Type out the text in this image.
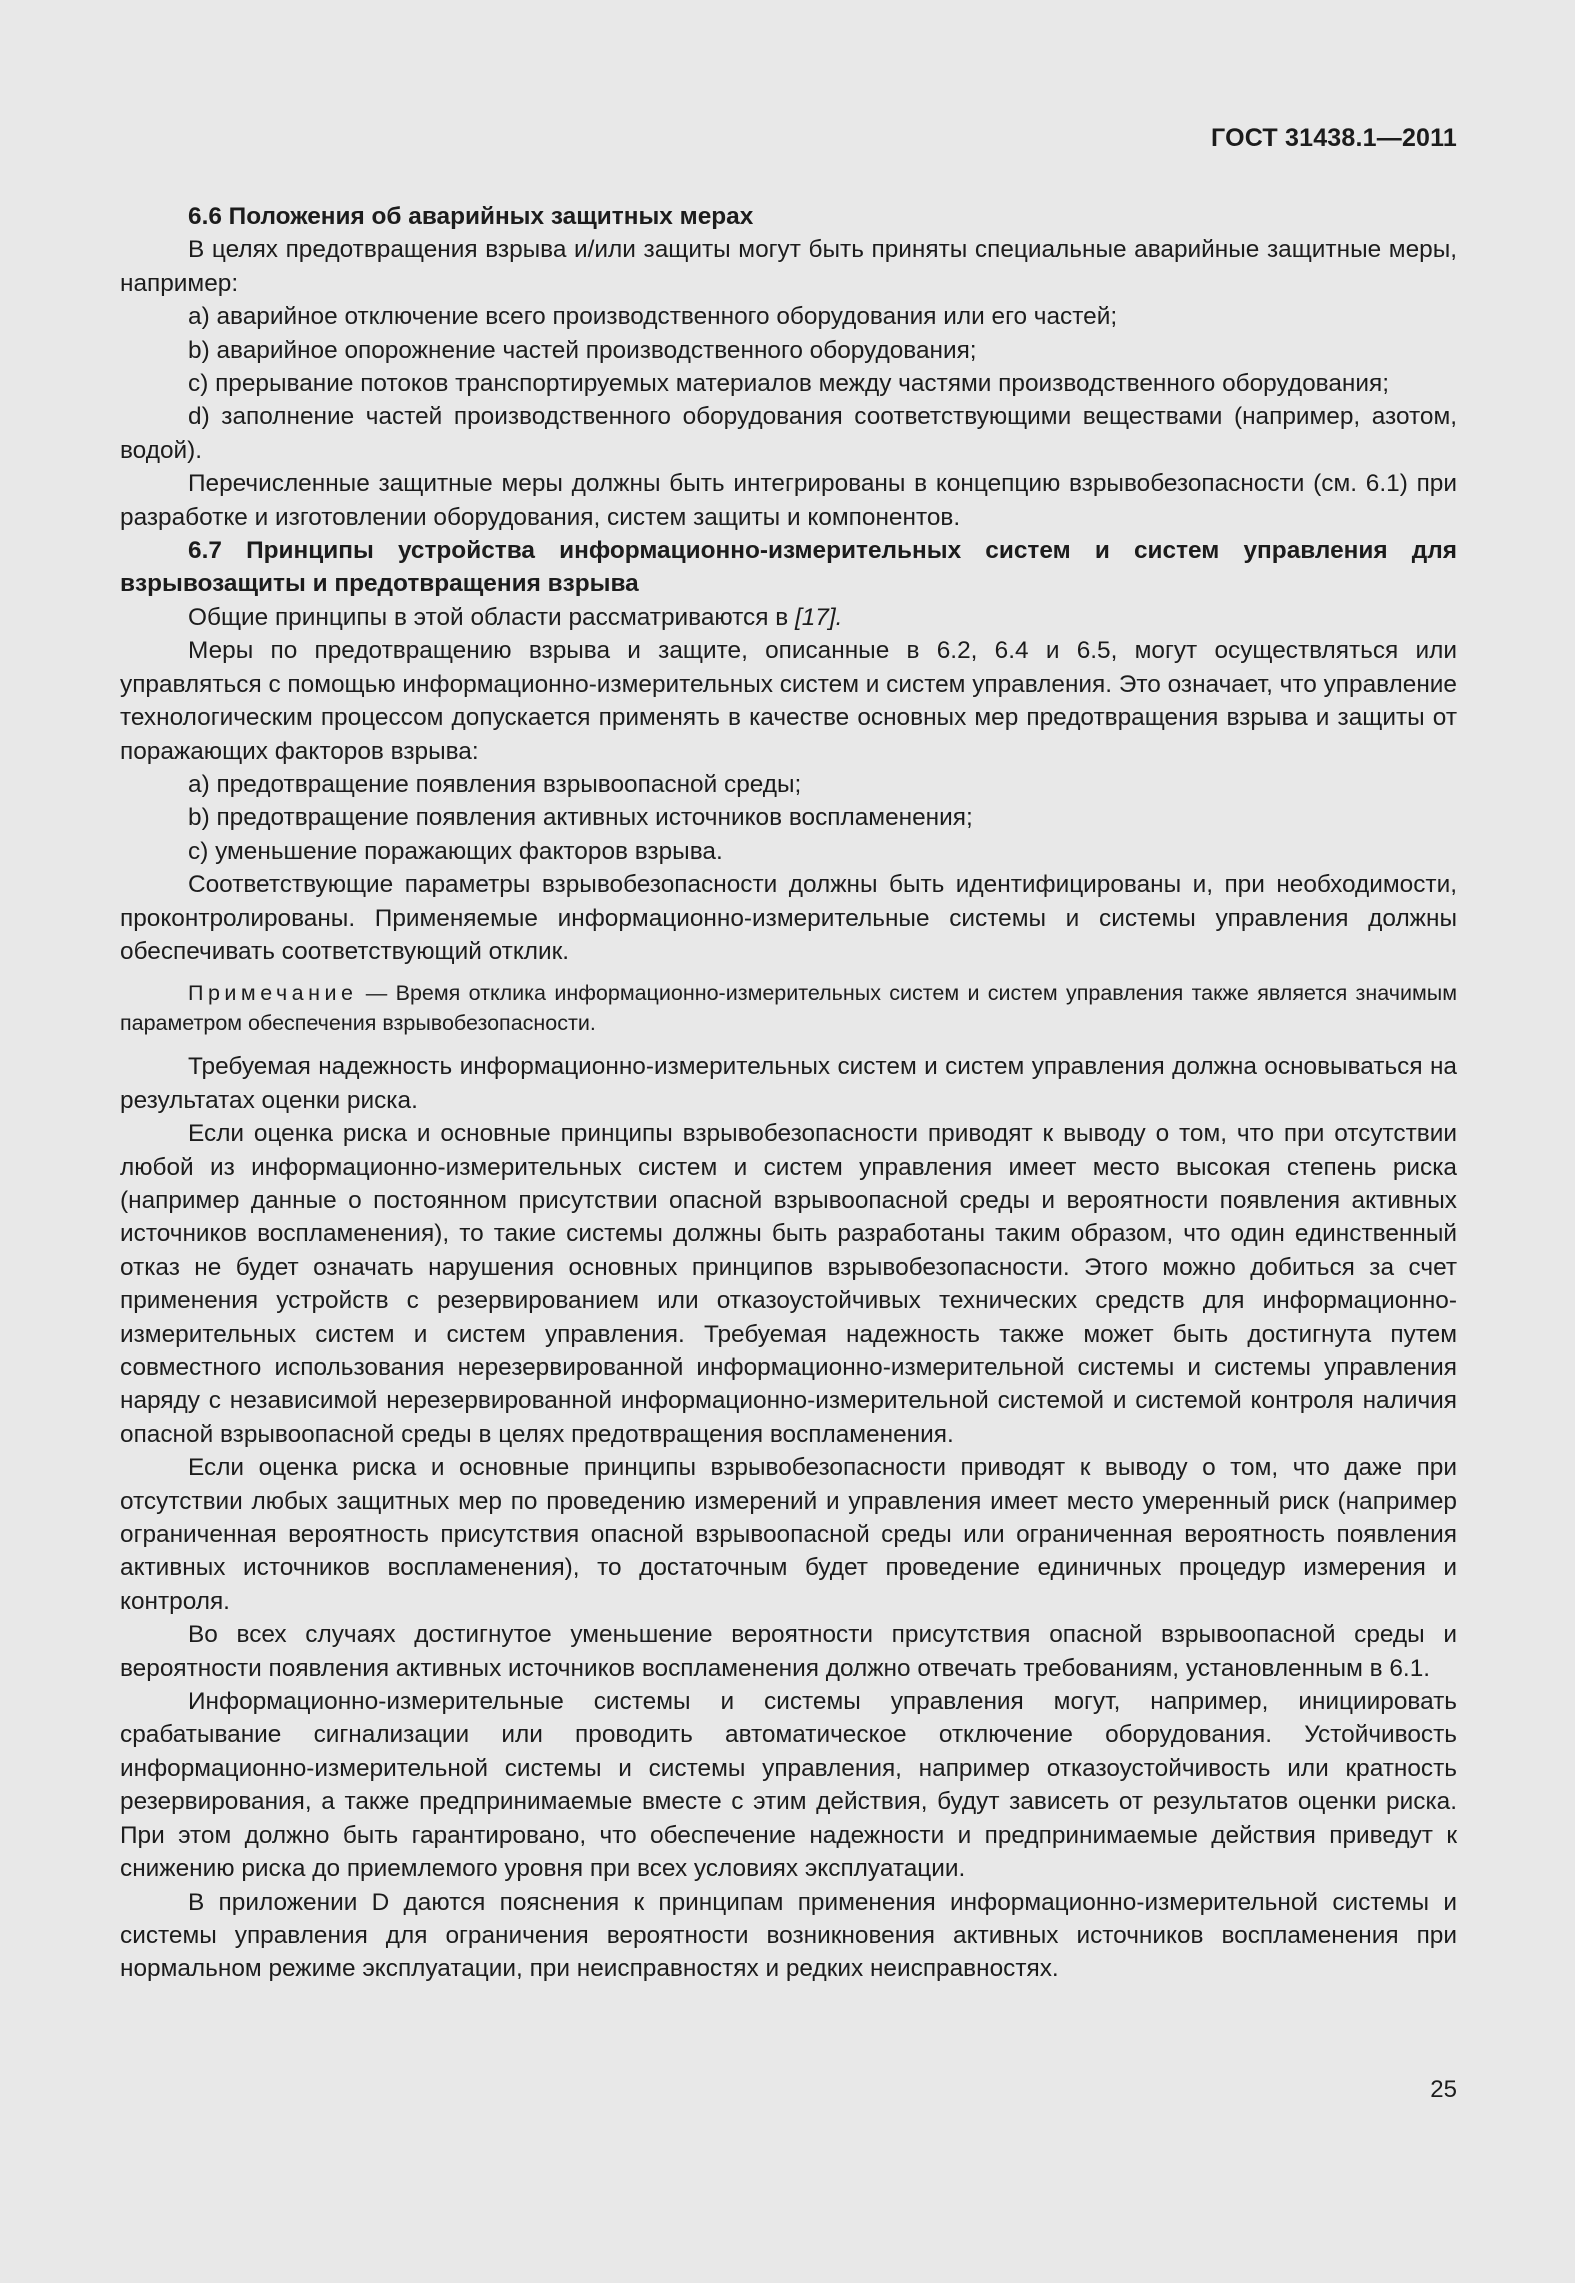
ГОСТ 31438.1—2011

6.6 Положения об аварийных защитных мерах

В целях предотвращения взрыва и/или защиты могут быть приняты специальные аварийные защитные меры, например:

a) аварийное отключение всего производственного оборудования или его частей;

b) аварийное опорожнение частей производственного оборудования;

c) прерывание потоков транспортируемых материалов между частями производственного оборудования;

d) заполнение частей производственного оборудования соответствующими веществами (например, азотом, водой).

Перечисленные защитные меры должны быть интегрированы в концепцию взрывобезопасности (см. 6.1) при разработке и изготовлении оборудования, систем защиты и компонентов.

6.7 Принципы устройства информационно-измерительных систем и систем управления для взрывозащиты и предотвращения взрыва

Общие принципы в этой области рассматриваются в [17].

Меры по предотвращению взрыва и защите, описанные в 6.2, 6.4 и 6.5, могут осуществляться или управляться с помощью информационно-измерительных систем и систем управления. Это означает, что управление технологическим процессом допускается применять в качестве основных мер предотвращения взрыва и защиты от поражающих факторов взрыва:

a) предотвращение появления взрывоопасной среды;

b) предотвращение появления активных источников воспламенения;

c) уменьшение поражающих факторов взрыва.

Соответствующие параметры взрывобезопасности должны быть идентифицированы и, при необходимости, проконтролированы. Применяемые информационно-измерительные системы и системы управления должны обеспечивать соответствующий отклик.

Примечание — Время отклика информационно-измерительных систем и систем управления также является значимым параметром обеспечения взрывобезопасности.

Требуемая надежность информационно-измерительных систем и систем управления должна основываться на результатах оценки риска.

Если оценка риска и основные принципы взрывобезопасности приводят к выводу о том, что при отсутствии любой из информационно-измерительных систем и систем управления имеет место высокая степень риска (например данные о постоянном присутствии опасной взрывоопасной среды и вероятности появления активных источников воспламенения), то такие системы должны быть разработаны таким образом, что один единственный отказ не будет означать нарушения основных принципов взрывобезопасности. Этого можно добиться за счет применения устройств с резервированием или отказоустойчивых технических средств для информационно-измерительных систем и систем управления. Требуемая надежность также может быть достигнута путем совместного использования нерезервированной информационно-измерительной системы и системы управления наряду с независимой нерезервированной информационно-измерительной системой и системой контроля наличия опасной взрывоопасной среды в целях предотвращения воспламенения.

Если оценка риска и основные принципы взрывобезопасности приводят к выводу о том, что даже при отсутствии любых защитных мер по проведению измерений и управления имеет место умеренный риск (например ограниченная вероятность присутствия опасной взрывоопасной среды или ограниченная вероятность появления активных источников воспламенения), то достаточным будет проведение единичных процедур измерения и контроля.

Во всех случаях достигнутое уменьшение вероятности присутствия опасной взрывоопасной среды и вероятности появления активных источников воспламенения должно отвечать требованиям, установленным в 6.1.

Информационно-измерительные системы и системы управления могут, например, инициировать срабатывание сигнализации или проводить автоматическое отключение оборудования. Устойчивость информационно-измерительной системы и системы управления, например отказоустойчивость или кратность резервирования, а также предпринимаемые вместе с этим действия, будут зависеть от результатов оценки риска. При этом должно быть гарантировано, что обеспечение надежности и предпринимаемые действия приведут к снижению риска до приемлемого уровня при всех условиях эксплуатации.

В приложении D даются пояснения к принципам применения информационно-измерительной системы и системы управления для ограничения вероятности возникновения активных источников воспламенения при нормальном режиме эксплуатации, при неисправностях и редких неисправностях.

25
